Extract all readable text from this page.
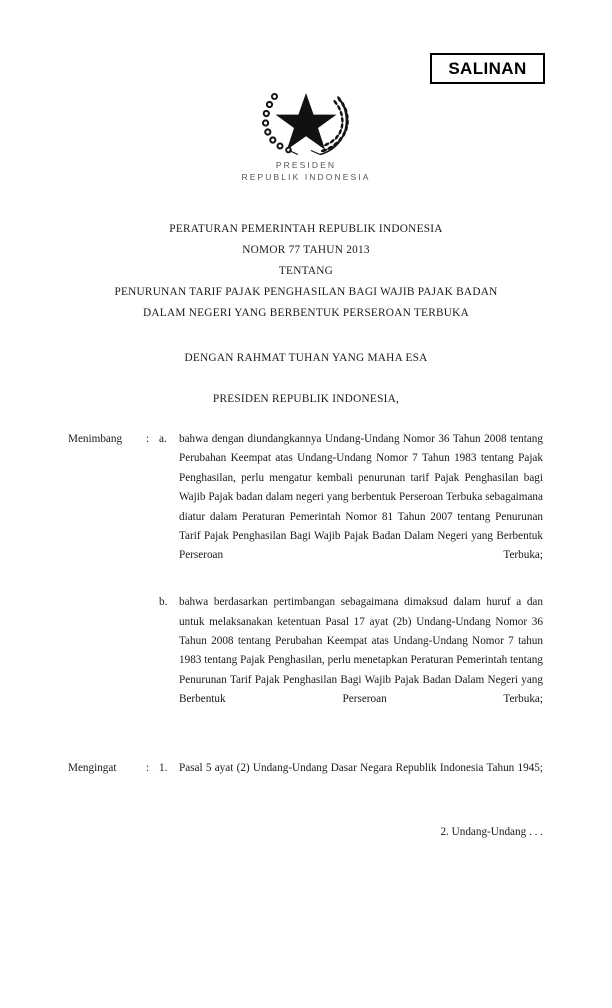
SALINAN
PRESIDEN
REPUBLIK INDONESIA
PERATURAN PEMERINTAH REPUBLIK INDONESIA
NOMOR 77 TAHUN 2013
TENTANG
PENURUNAN TARIF PAJAK PENGHASILAN BAGI WAJIB PAJAK BADAN
DALAM NEGERI YANG BERBENTUK PERSEROAN TERBUKA
DENGAN RAHMAT TUHAN YANG MAHA ESA
PRESIDEN REPUBLIK INDONESIA,
Menimbang	: a.	bahwa dengan diundangkannya Undang-Undang Nomor 36 Tahun 2008 tentang Perubahan Keempat atas Undang-Undang Nomor 7 Tahun 1983 tentang Pajak Penghasilan, perlu mengatur kembali penurunan tarif Pajak Penghasilan bagi Wajib Pajak badan dalam negeri yang berbentuk Perseroan Terbuka sebagaimana diatur dalam Peraturan Pemerintah Nomor 81 Tahun 2007 tentang Penurunan Tarif Pajak Penghasilan Bagi Wajib Pajak Badan Dalam Negeri yang Berbentuk Perseroan Terbuka;
b.	bahwa berdasarkan pertimbangan sebagaimana dimaksud dalam huruf a dan untuk melaksanakan ketentuan Pasal 17 ayat (2b) Undang-Undang Nomor 36 Tahun 2008 tentang Perubahan Keempat atas Undang-Undang Nomor 7 tahun 1983 tentang Pajak Penghasilan, perlu menetapkan Peraturan Pemerintah tentang Penurunan Tarif Pajak Penghasilan Bagi Wajib Pajak Badan Dalam Negeri yang Berbentuk Perseroan Terbuka;
Mengingat	: 1.	Pasal 5 ayat (2) Undang-Undang Dasar Negara Republik Indonesia Tahun 1945;
2. Undang-Undang . . .
